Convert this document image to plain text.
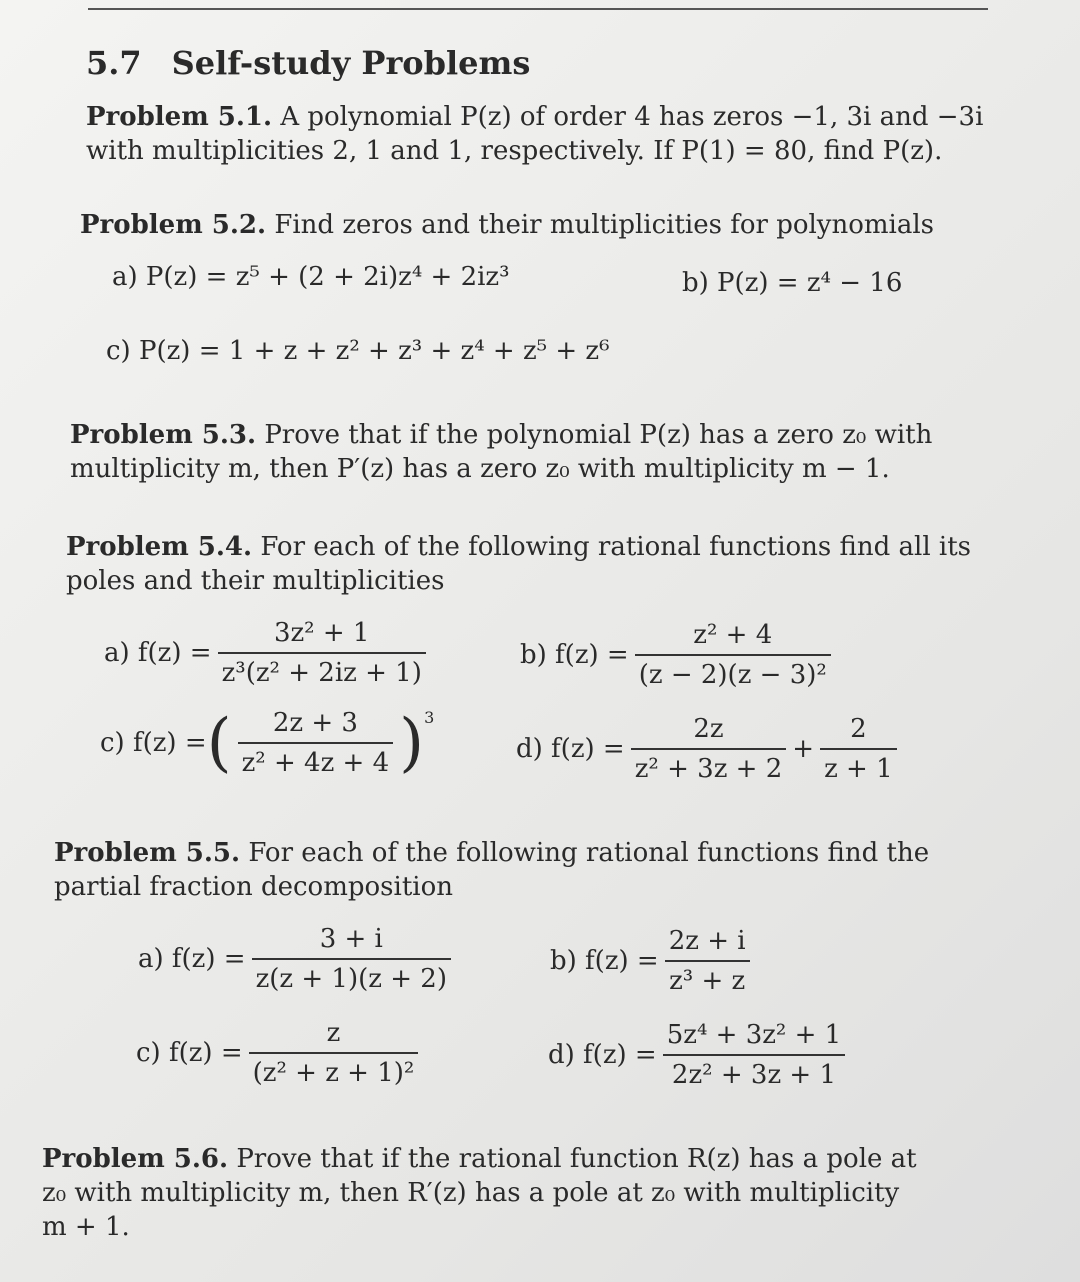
5.7 Self-study Problems
Problem 5.1. A polynomial P(z) of order 4 has zeros −1, 3i and −3i
with multiplicities 2, 1 and 1, respectively. If P(1) = 80, find P(z).
Problem 5.2. Find zeros and their multiplicities for polynomials
a) P(z) = z⁵ + (2 + 2i)z⁴ + 2iz³	b) P(z) = z⁴ − 16
c) P(z) = 1 + z + z² + z³ + z⁴ + z⁵ + z⁶
Problem 5.3. Prove that if the polynomial P(z) has a zero z₀ with
multiplicity m, then P′(z) has a zero z₀ with multiplicity m − 1.
Problem 5.4. For each of the following rational functions find all its
poles and their multiplicities
a) $f(z) = \frac{\text{3z² + 1}}{\text{z³(z² + 2iz + 1)}}$	b) $f(z) = \frac{\text{z² + 4}}{\text{(z − 2)(z − 3)²}}$
c) f(z) = ( $\frac{2z + 3}{\text{z² + 4z + 4}} )^3$
d) $f(z) = \frac{2z}{\text{z² + 3z + 2}} + \frac{2}{z + 1}$
Problem 5.5. For each of the following rational functions find the
partial fraction decomposition
a) $f(z) = \frac{3 + i}{z(z + 1)(z + 2)}$	b) $f(z) = \frac{2z + i}{\text{z³ + z}}$
c) $f(z) = \frac{z}{\text{(z² + z + 1)²}}$	d) $f(z) = \frac{\text{5z⁴ + 3z² + 1}}{\text{2z² + 3z + 1}}$
Problem 5.6. Prove that if the rational function R(z) has a pole at
z₀ with multiplicity m, then R′(z) has a pole at z₀ with multiplicity
m + 1.
